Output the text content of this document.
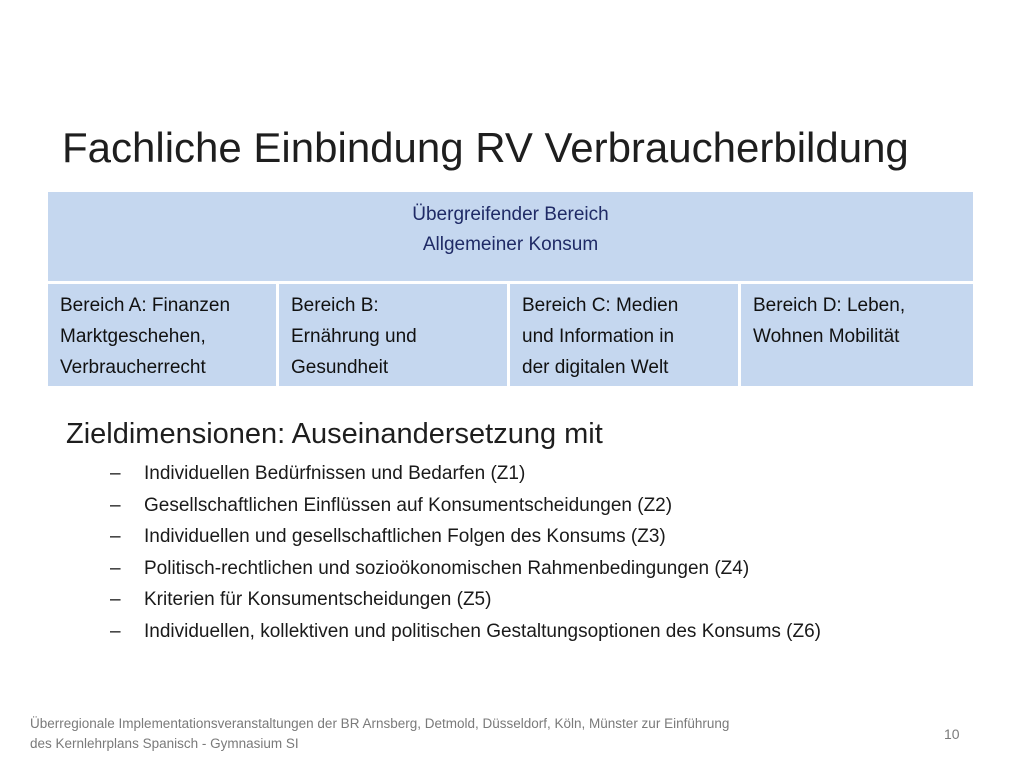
Fachliche Einbindung RV Verbraucherbildung
Übergreifender Bereich
Allgemeiner Konsum
Bereich A: Finanzen
Marktgeschehen,
Verbraucherrecht
Bereich B:
Ernährung und
Gesundheit
Bereich C: Medien
und Information in
der digitalen Welt
Bereich D: Leben,
Wohnen Mobilität
Zieldimensionen: Auseinandersetzung mit
– Individuellen Bedürfnissen und Bedarfen (Z1)
– Gesellschaftlichen Einflüssen auf Konsumentscheidungen (Z2)
– Individuellen und gesellschaftlichen Folgen des Konsums (Z3)
– Politisch-rechtlichen und sozioökonomischen Rahmenbedingungen (Z4)
– Kriterien für Konsumentscheidungen (Z5)
– Individuellen, kollektiven und politischen Gestaltungsoptionen des Konsums (Z6)
Überregionale Implementationsveranstaltungen der BR Arnsberg, Detmold, Düsseldorf, Köln, Münster zur Einführung
des Kernlehrplans Spanisch - Gymnasium SI
10
